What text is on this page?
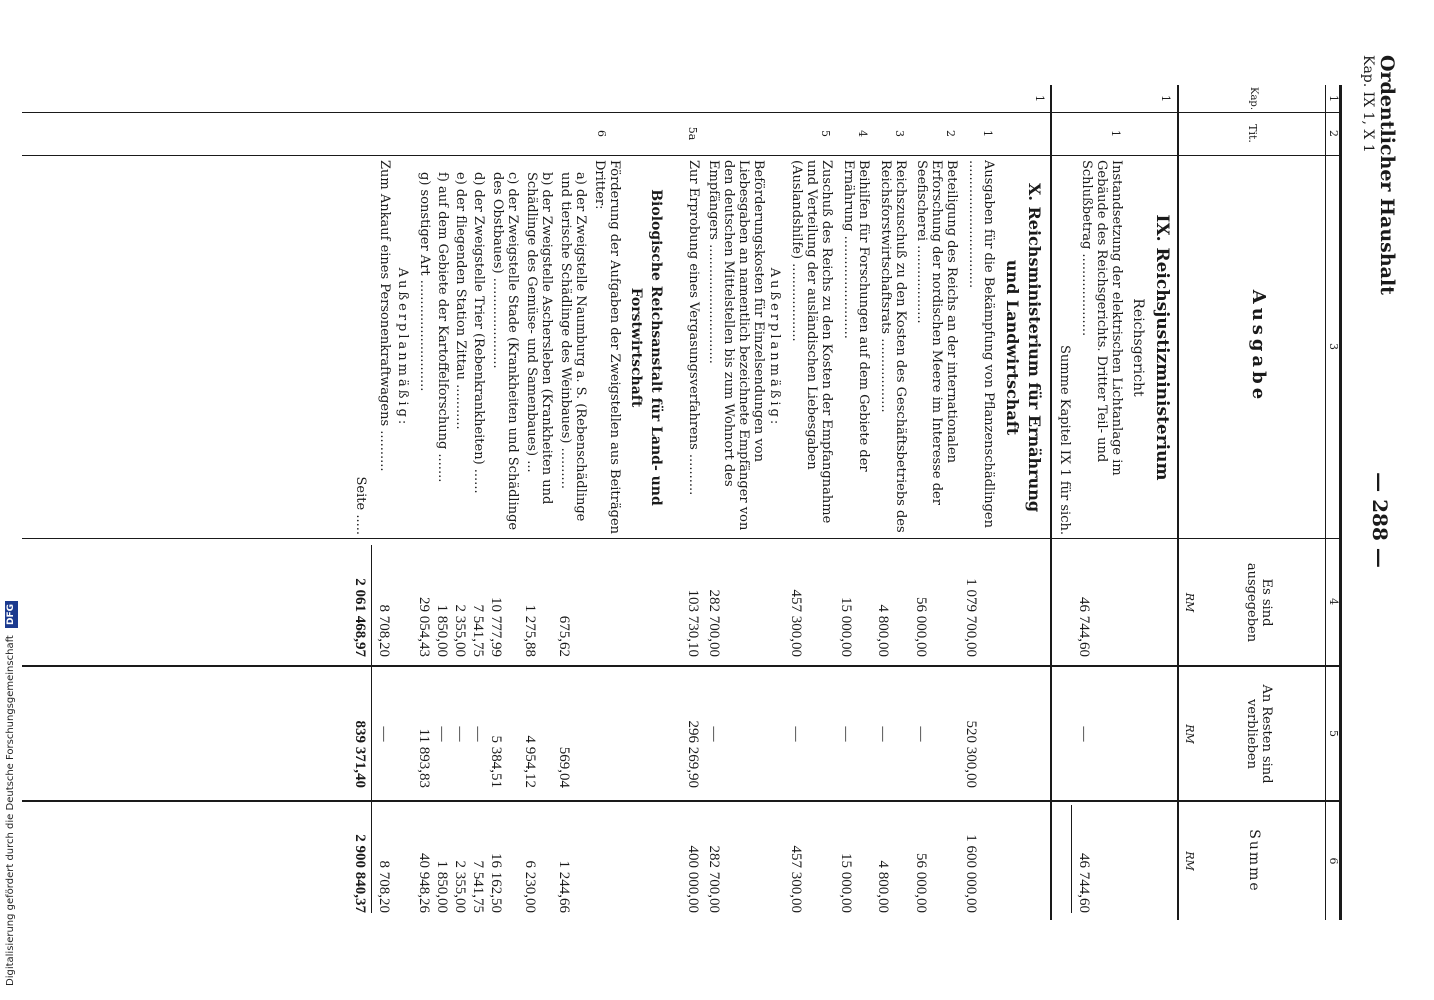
Ordentlicher Haushalt
Kap. IX 1, X 1
— 288 —
1
2
3
4
5
6
Kap.
Tit.
Ausgabe
Es sind ausgegeben
An Resten sind verblieben
Summe
RM
RM
RM
1
IX. Reichsjustizministerium
Reichsgericht
1
Instandsetzung der elektrischen Lichtanlage im Gebäude des Reichsgerichts. Dritter Teil- und Schlußbetrag ....................
46 744,60
—
46 744,60
Summe Kapitel IX 1 für sich.
1
X. Reichsministerium für Ernährung
und Landwirtschaft
1
Ausgaben für die Bekämpfung von Pflanzenschädlingen ...............................
1 079 700,00
520 300,00
1 600 000,00
2
Beteiligung des Reichs an der internationalen Erforschung der nordischen Meere im Interesse der Seefischerei ...................
56 000,00
—
56 000,00
3
Reichszuschuß zu den Kosten des Geschäftsbetriebs des Reichsforstwirtschaftsrats ..................
4 800,00
—
4 800,00
4
Beihilfen für Forschungen auf dem Gebiete der Ernährung .........................
15 000,00
—
15 000,00
5
Zuschuß des Reichs zu den Kosten der Empfangnahme und Verteilung der ausländischen Liebesgaben (Auslandshilfe) ...................
457 300,00
—
457 300,00
Außerplanmäßig:
Beförderungskosten für Einzelsendungen von Liebesgaben an namentlich bezeichnete Empfänger von den deutschen Mittelstellen bis zum Wohnort des Empfängers .............................
282 700,00
—
282 700,00
5a
Zur Erprobung eines Vergasungsverfahrens ..........
103 730,10
296 269,90
400 000,00
Biologische Reichsanstalt für Land- und
Forstwirtschaft
6
Förderung der Aufgaben der Zweigstellen aus Beiträgen Dritter:
a) der Zweigstelle Naumburg a. S. (Rebenschädlinge und tierische Schädlinge des Weinbaues) ..........
675,62
569,04
1 244,66
b) der Zweigstelle Aschersleben (Krankheiten und Schädlinge des Gemüse- und Samenbaues) ...
1 275,88
4 954,12
6 230,00
c) der Zweigstelle Stade (Krankheiten und Schädlinge des Obstbaues) ......................
10 777,99
5 384,51
16 162,50
d) der Zweigstelle Trier (Rebenkrankheiten) ......
7 541,75
—
7 541,75
e) der fliegenden Station Zittau ...........
2 355,00
—
2 355,00
f) auf dem Gebiete der Kartoffelforschung .......
1 850,00
—
1 850,00
g) sonstiger Art ...........................
29 054,43
11 893,83
40 948,26
Außerplanmäßig:
Zum Ankauf eines Personenkraftwagens ..........
8 708,20
—
8 708,20
Seite .....
2 061 468,97
839 371,40
2 900 840,37
Digitalisierung gefördert durch die Deutsche Forschungsgemeinschaft DFG
